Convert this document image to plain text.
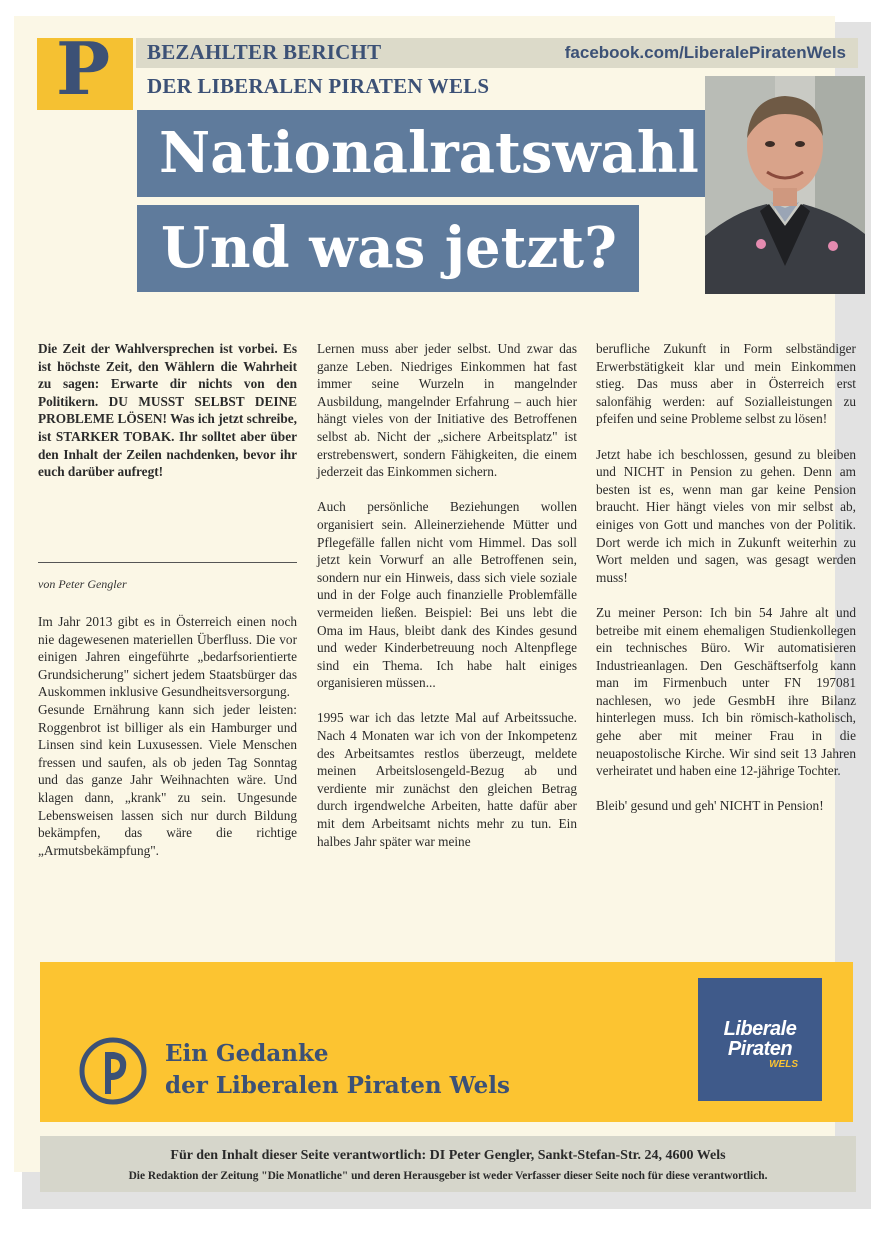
P BEZAHLTER BERICHT
DER LIBERALEN PIRATEN WELS
facebook.com/LiberalePiratenWels
Nationalratswahl
Und was jetzt?

Die Zeit der Wahlversprechen ist vorbei. Es ist höchste Zeit, den Wählern die Wahrheit zu sagen: Erwarte dir nichts von den Politikern. DU MUSST SELBST DEINE PROBLEME LÖSEN! Was ich jetzt schreibe, ist STARKER TOBAK. Ihr solltet aber über den Inhalt der Zeilen nachdenken, bevor ihr euch darüber aufregt!

von Peter Gengler

Im Jahr 2013 gibt es in Österreich einen noch nie dagewesenen materiellen Überfluss. Die vor einigen Jahren eingeführte „bedarfsorientierte Grundsicherung" sichert jedem Staatsbürger das Auskommen inklusive Gesundheitsversorgung.

Gesunde Ernährung kann sich jeder leisten: Roggenbrot ist billiger als ein Hamburger und Linsen sind kein Luxusessen. Viele Menschen fressen und saufen, als ob jeden Tag Sonntag und das ganze Jahr Weihnachten wäre. Und klagen dann, „krank" zu sein. Ungesunde Lebensweisen lassen sich nur durch Bildung bekämpfen, das wäre die richtige „Armutsbekämpfung".

Lernen muss aber jeder selbst. Und zwar das ganze Leben. Niedriges Einkommen hat fast immer seine Wurzeln in mangelnder Ausbildung, mangelnder Erfahrung – auch hier hängt vieles von der Initiative des Betroffenen selbst ab. Nicht der „sichere Arbeitsplatz" ist erstrebenswert, sondern Fähigkeiten, die einem jederzeit das Einkommen sichern.

Auch persönliche Beziehungen wollen organisiert sein. Alleinerziehende Mütter und Pflegefälle fallen nicht vom Himmel. Das soll jetzt kein Vorwurf an alle Betroffenen sein, sondern nur ein Hinweis, dass sich viele soziale und in der Folge auch finanzielle Problemfälle vermeiden ließen. Beispiel: Bei uns lebt die Oma im Haus, bleibt dank des Kindes gesund und weder Kinderbetreuung noch Altenpflege sind ein Thema. Ich habe halt einiges organisieren müssen...

1995 war ich das letzte Mal auf Arbeitssuche. Nach 4 Monaten war ich von der Inkompetenz des Arbeitsamtes restlos überzeugt, meldete meinen Arbeitslosengeld-Bezug ab und verdiente mir zunächst den gleichen Betrag durch irgendwelche Arbeiten, hatte dafür aber mit dem Arbeitsamt nichts mehr zu tun. Ein halbes Jahr später war meine

berufliche Zukunft in Form selbständiger Erwerbstätigkeit klar und mein Einkommen stieg. Das muss aber in Österreich erst salonfähig werden: auf Sozialleistungen zu pfeifen und seine Probleme selbst zu lösen!

Jetzt habe ich beschlossen, gesund zu bleiben und NICHT in Pension zu gehen. Denn am besten ist es, wenn man gar keine Pension braucht. Hier hängt vieles von mir selbst ab, einiges von Gott und manches von der Politik. Dort werde ich mich in Zukunft weiterhin zu Wort melden und sagen, was gesagt werden muss!

Zu meiner Person: Ich bin 54 Jahre alt und betreibe mit einem ehemaligen Studienkollegen ein technisches Büro. Wir automatisieren Industrieanlagen. Den Geschäftserfolg kann man im Firmenbuch unter FN 197081 nachlesen, wo jede GesmbH ihre Bilanz hinterlegen muss. Ich bin römisch-katholisch, gehe aber mit meiner Frau in die neuapostolische Kirche. Wir sind seit 13 Jahren verheiratet und haben eine 12-jährige Tochter.

Bleib' gesund und geh' NICHT in Pension!

Ein Gedanke
der Liberalen Piraten Wels
Liberale
Piraten
WELS
Für den Inhalt dieser Seite verantwortlich: DI Peter Gengler, Sankt-Stefan-Str. 24, 4600 Wels
Die Redaktion der Zeitung "Die Monatliche" und deren Herausgeber ist weder Verfasser dieser Seite noch für diese verantwortlich.
